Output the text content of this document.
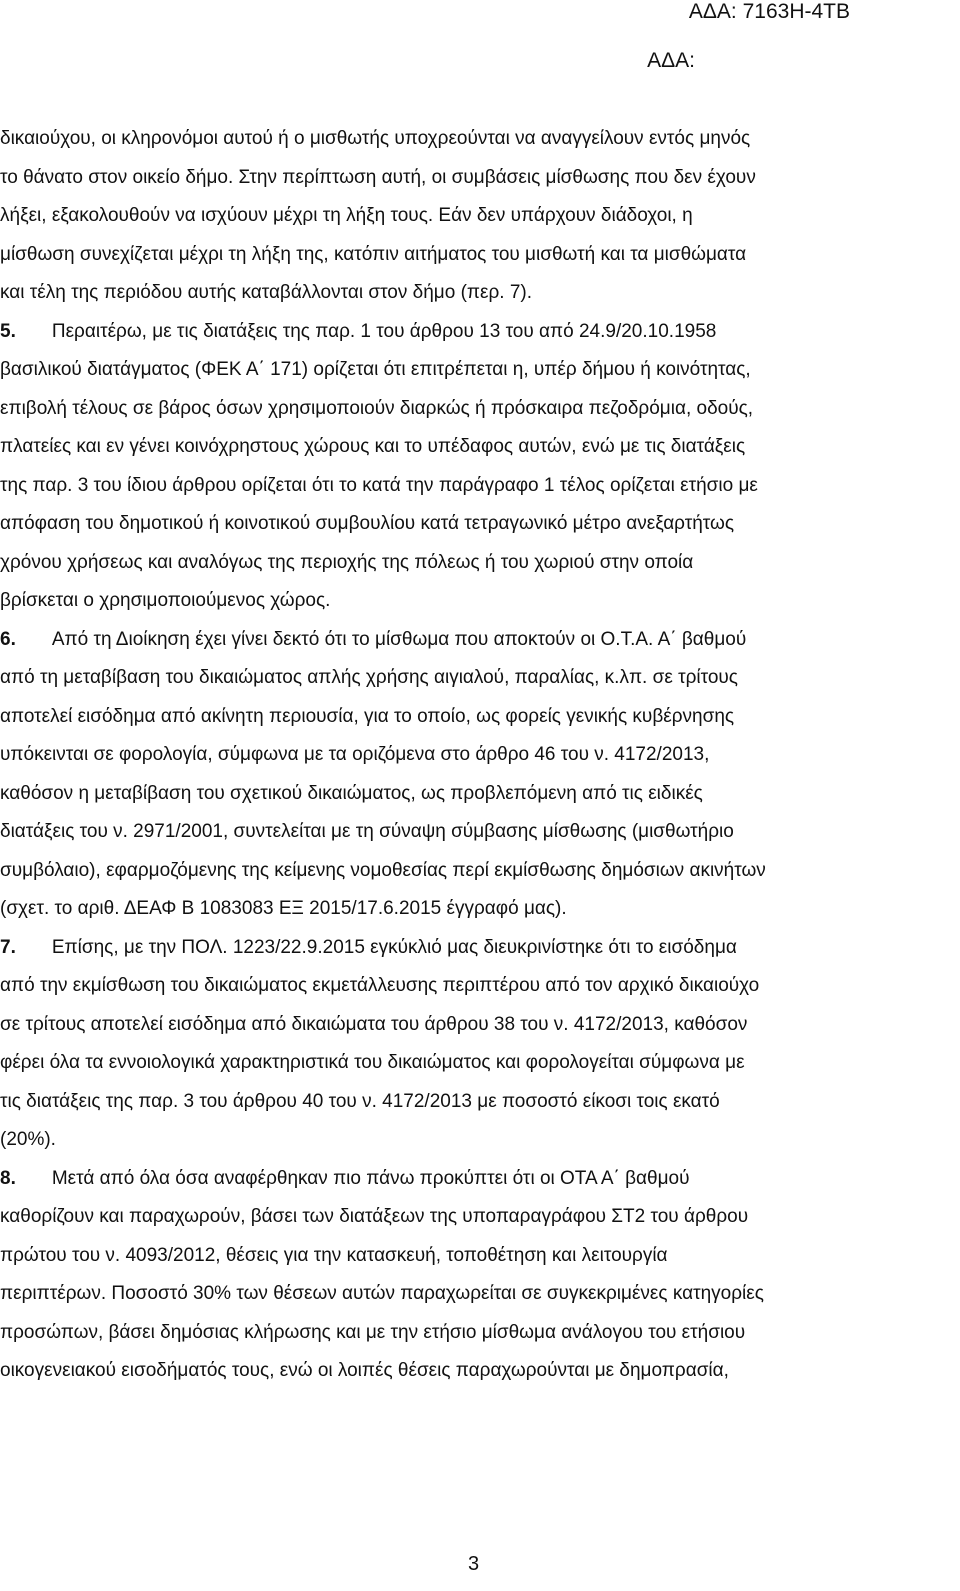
ΑΔΑ: 7163Η-4ΤΒ
ΑΔΑ:

δικαιούχου, οι κληρονόμοι αυτού ή ο μισθωτής υποχρεούνται να αναγγείλουν εντός μηνός
το θάνατο στον οικείο δήμο. Στην περίπτωση αυτή, οι συμβάσεις μίσθωσης που δεν έχουν
λήξει, εξακολουθούν να ισχύουν μέχρι τη λήξη τους. Εάν δεν υπάρχουν διάδοχοι, η
μίσθωση συνεχίζεται μέχρι τη λήξη της, κατόπιν αιτήματος του μισθωτή και τα μισθώματα
και τέλη της περιόδου αυτής καταβάλλονται στον δήμο (περ. 7).

5. Περαιτέρω, με τις διατάξεις της παρ. 1 του άρθρου 13 του από 24.9/20.10.1958
βασιλικού διατάγματος (ΦΕΚ Α΄ 171) ορίζεται ότι επιτρέπεται η, υπέρ δήμου ή κοινότητας,
επιβολή τέλους σε βάρος όσων χρησιμοποιούν διαρκώς ή πρόσκαιρα πεζοδρόμια, οδούς,
πλατείες και εν γένει κοινόχρηστους χώρους και το υπέδαφος αυτών, ενώ με τις διατάξεις
της παρ. 3 του ίδιου άρθρου ορίζεται ότι το κατά την παράγραφο 1 τέλος ορίζεται ετήσιο με
απόφαση του δημοτικού ή κοινοτικού συμβουλίου κατά τετραγωνικό μέτρο ανεξαρτήτως
χρόνου χρήσεως και αναλόγως της περιοχής της πόλεως ή του χωριού στην οποία
βρίσκεται ο χρησιμοποιούμενος χώρος.

6. Από τη Διοίκηση έχει γίνει δεκτό ότι το μίσθωμα που αποκτούν οι Ο.Τ.Α. Α΄ βαθμού
από τη μεταβίβαση του δικαιώματος απλής χρήσης αιγιαλού, παραλίας, κ.λπ. σε τρίτους
αποτελεί εισόδημα από ακίνητη περιουσία, για το οποίο, ως φορείς γενικής κυβέρνησης
υπόκεινται σε φορολογία, σύμφωνα με τα οριζόμενα στο άρθρο 46 του ν. 4172/2013,
καθόσον η μεταβίβαση του σχετικού δικαιώματος, ως προβλεπόμενη από τις ειδικές
διατάξεις του ν. 2971/2001, συντελείται με τη σύναψη σύμβασης μίσθωσης (μισθωτήριο
συμβόλαιο), εφαρμοζόμενης της κείμενης νομοθεσίας περί εκμίσθωσης δημόσιων ακινήτων
(σχετ. το αριθ. ΔΕΑΦ Β 1083083 ΕΞ 2015/17.6.2015 έγγραφό μας).

7. Επίσης, με την ΠΟΛ. 1223/22.9.2015 εγκύκλιό μας διευκρινίστηκε ότι το εισόδημα
από την εκμίσθωση του δικαιώματος εκμετάλλευσης περιπτέρου από τον αρχικό δικαιούχο
σε τρίτους αποτελεί εισόδημα από δικαιώματα του άρθρου 38 του ν. 4172/2013, καθόσον
φέρει όλα τα εννοιολογικά χαρακτηριστικά του δικαιώματος και φορολογείται σύμφωνα με
τις διατάξεις της παρ. 3 του άρθρου 40 του ν. 4172/2013 με ποσοστό είκοσι τοις εκατό
(20%).

8. Μετά από όλα όσα αναφέρθηκαν πιο πάνω προκύπτει ότι οι ΟΤΑ Α΄ βαθμού
καθορίζουν και παραχωρούν, βάσει των διατάξεων της υποπαραγράφου ΣΤ2 του άρθρου
πρώτου του ν. 4093/2012, θέσεις για την κατασκευή, τοποθέτηση και λειτουργία
περιπτέρων. Ποσοστό 30% των θέσεων αυτών παραχωρείται σε συγκεκριμένες κατηγορίες
προσώπων, βάσει δημόσιας κλήρωσης και με την ετήσιο μίσθωμα ανάλογου του ετήσιου
οικογενειακού εισοδήματός τους, ενώ οι λοιπές θέσεις παραχωρούνται με δημοπρασία,

3
